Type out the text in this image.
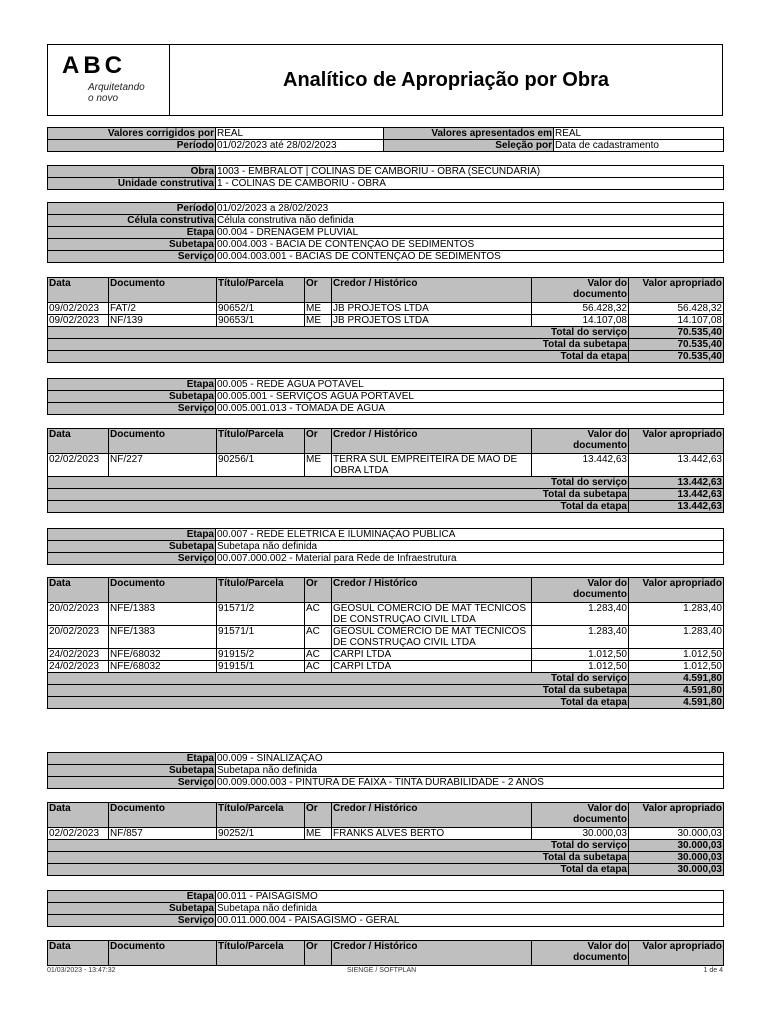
ABC
Arquitetando
o novo
Analítico de Apropriação por Obra
Valores corrigidos por	REAL	Valores apresentados em	REAL
Período	01/02/2023 até 28/02/2023	Seleção por	Data de cadastramento
Obra	1003 - EMBRALOT | COLINAS DE CAMBORIU - OBRA (SECUNDÁRIA)
Unidade construtiva	1 - COLINAS DE CAMBORIU - OBRA
Período	01/02/2023 a 28/02/2023
Célula construtiva	Célula construtiva não definida
Etapa	00.004 - DRENAGEM PLUVIAL
Subetapa	00.004.003 - BACIA DE CONTENÇÃO DE SEDIMENTOS
Serviço	00.004.003.001 - BACIAS DE CONTENÇÃO DE SEDIMENTOS
Data	Documento	Título/Parcela	Or	Credor / Histórico	Valor do documento	Valor apropriado
09/02/2023	FAT/2	90652/1	ME	JB PROJETOS LTDA	56.428,32	56.428,32
09/02/2023	NF/139	90653/1	ME	JB PROJETOS LTDA	14.107,08	14.107,08
Total do serviço						70.535,40
Total da subetapa						70.535,40
Total da etapa						70.535,40
Etapa	00.005 - REDE ÁGUA POTÁVEL
Subetapa	00.005.001 - SERVIÇOS ÁGUA PORTÁVEL
Serviço	00.005.001.013 - TOMADA DE ÁGUA
Data	Documento	Título/Parcela	Or	Credor / Histórico	Valor do documento	Valor apropriado
02/02/2023	NF/227	90256/1	ME	TERRA SUL EMPREITEIRA DE MAO DE OBRA LTDA	13.442,63	13.442,63
Total do serviço						13.442,63
Total da subetapa						13.442,63
Total da etapa						13.442,63
Etapa	00.007 - REDE ELÉTRICA E ILUMINAÇÃO PÚBLICA
Subetapa	Subetapa não definida
Serviço	00.007.000.002 - Material para Rede de Infraestrutura
Data	Documento	Título/Parcela	Or	Credor / Histórico	Valor do documento	Valor apropriado
20/02/2023	NFE/1383	91571/2	AC	GEOSUL COMERCIO DE MAT TECNICOS DE CONSTRUÇAO CIVIL LTDA	1.283,40	1.283,40
20/02/2023	NFE/1383	91571/1	AC	GEOSUL COMERCIO DE MAT TECNICOS DE CONSTRUÇAO CIVIL LTDA	1.283,40	1.283,40
24/02/2023	NFE/68032	91915/2	AC	CARPI LTDA	1.012,50	1.012,50
24/02/2023	NFE/68032	91915/1	AC	CARPI LTDA	1.012,50	1.012,50
Total do serviço						4.591,80
Total da subetapa						4.591,80
Total da etapa						4.591,80
Etapa	00.009 - SINALIZAÇÃO
Subetapa	Subetapa não definida
Serviço	00.009.000.003 - PINTURA DE FAIXA - TINTA DURABILIDADE - 2 ANOS
Data	Documento	Título/Parcela	Or	Credor / Histórico	Valor do documento	Valor apropriado
02/02/2023	NF/857	90252/1	ME	FRANKS ALVES BERTO	30.000,03	30.000,03
Total do serviço						30.000,03
Total da subetapa						30.000,03
Total da etapa						30.000,03
Etapa	00.011 - PAISAGISMO
Subetapa	Subetapa não definida
Serviço	00.011.000.004 - PAISAGISMO - GERAL
Data	Documento	Título/Parcela	Or	Credor / Histórico	Valor do documento	Valor apropriado
01/03/2023 - 13:47:32	SIENGE / SOFTPLAN	1 de 4
